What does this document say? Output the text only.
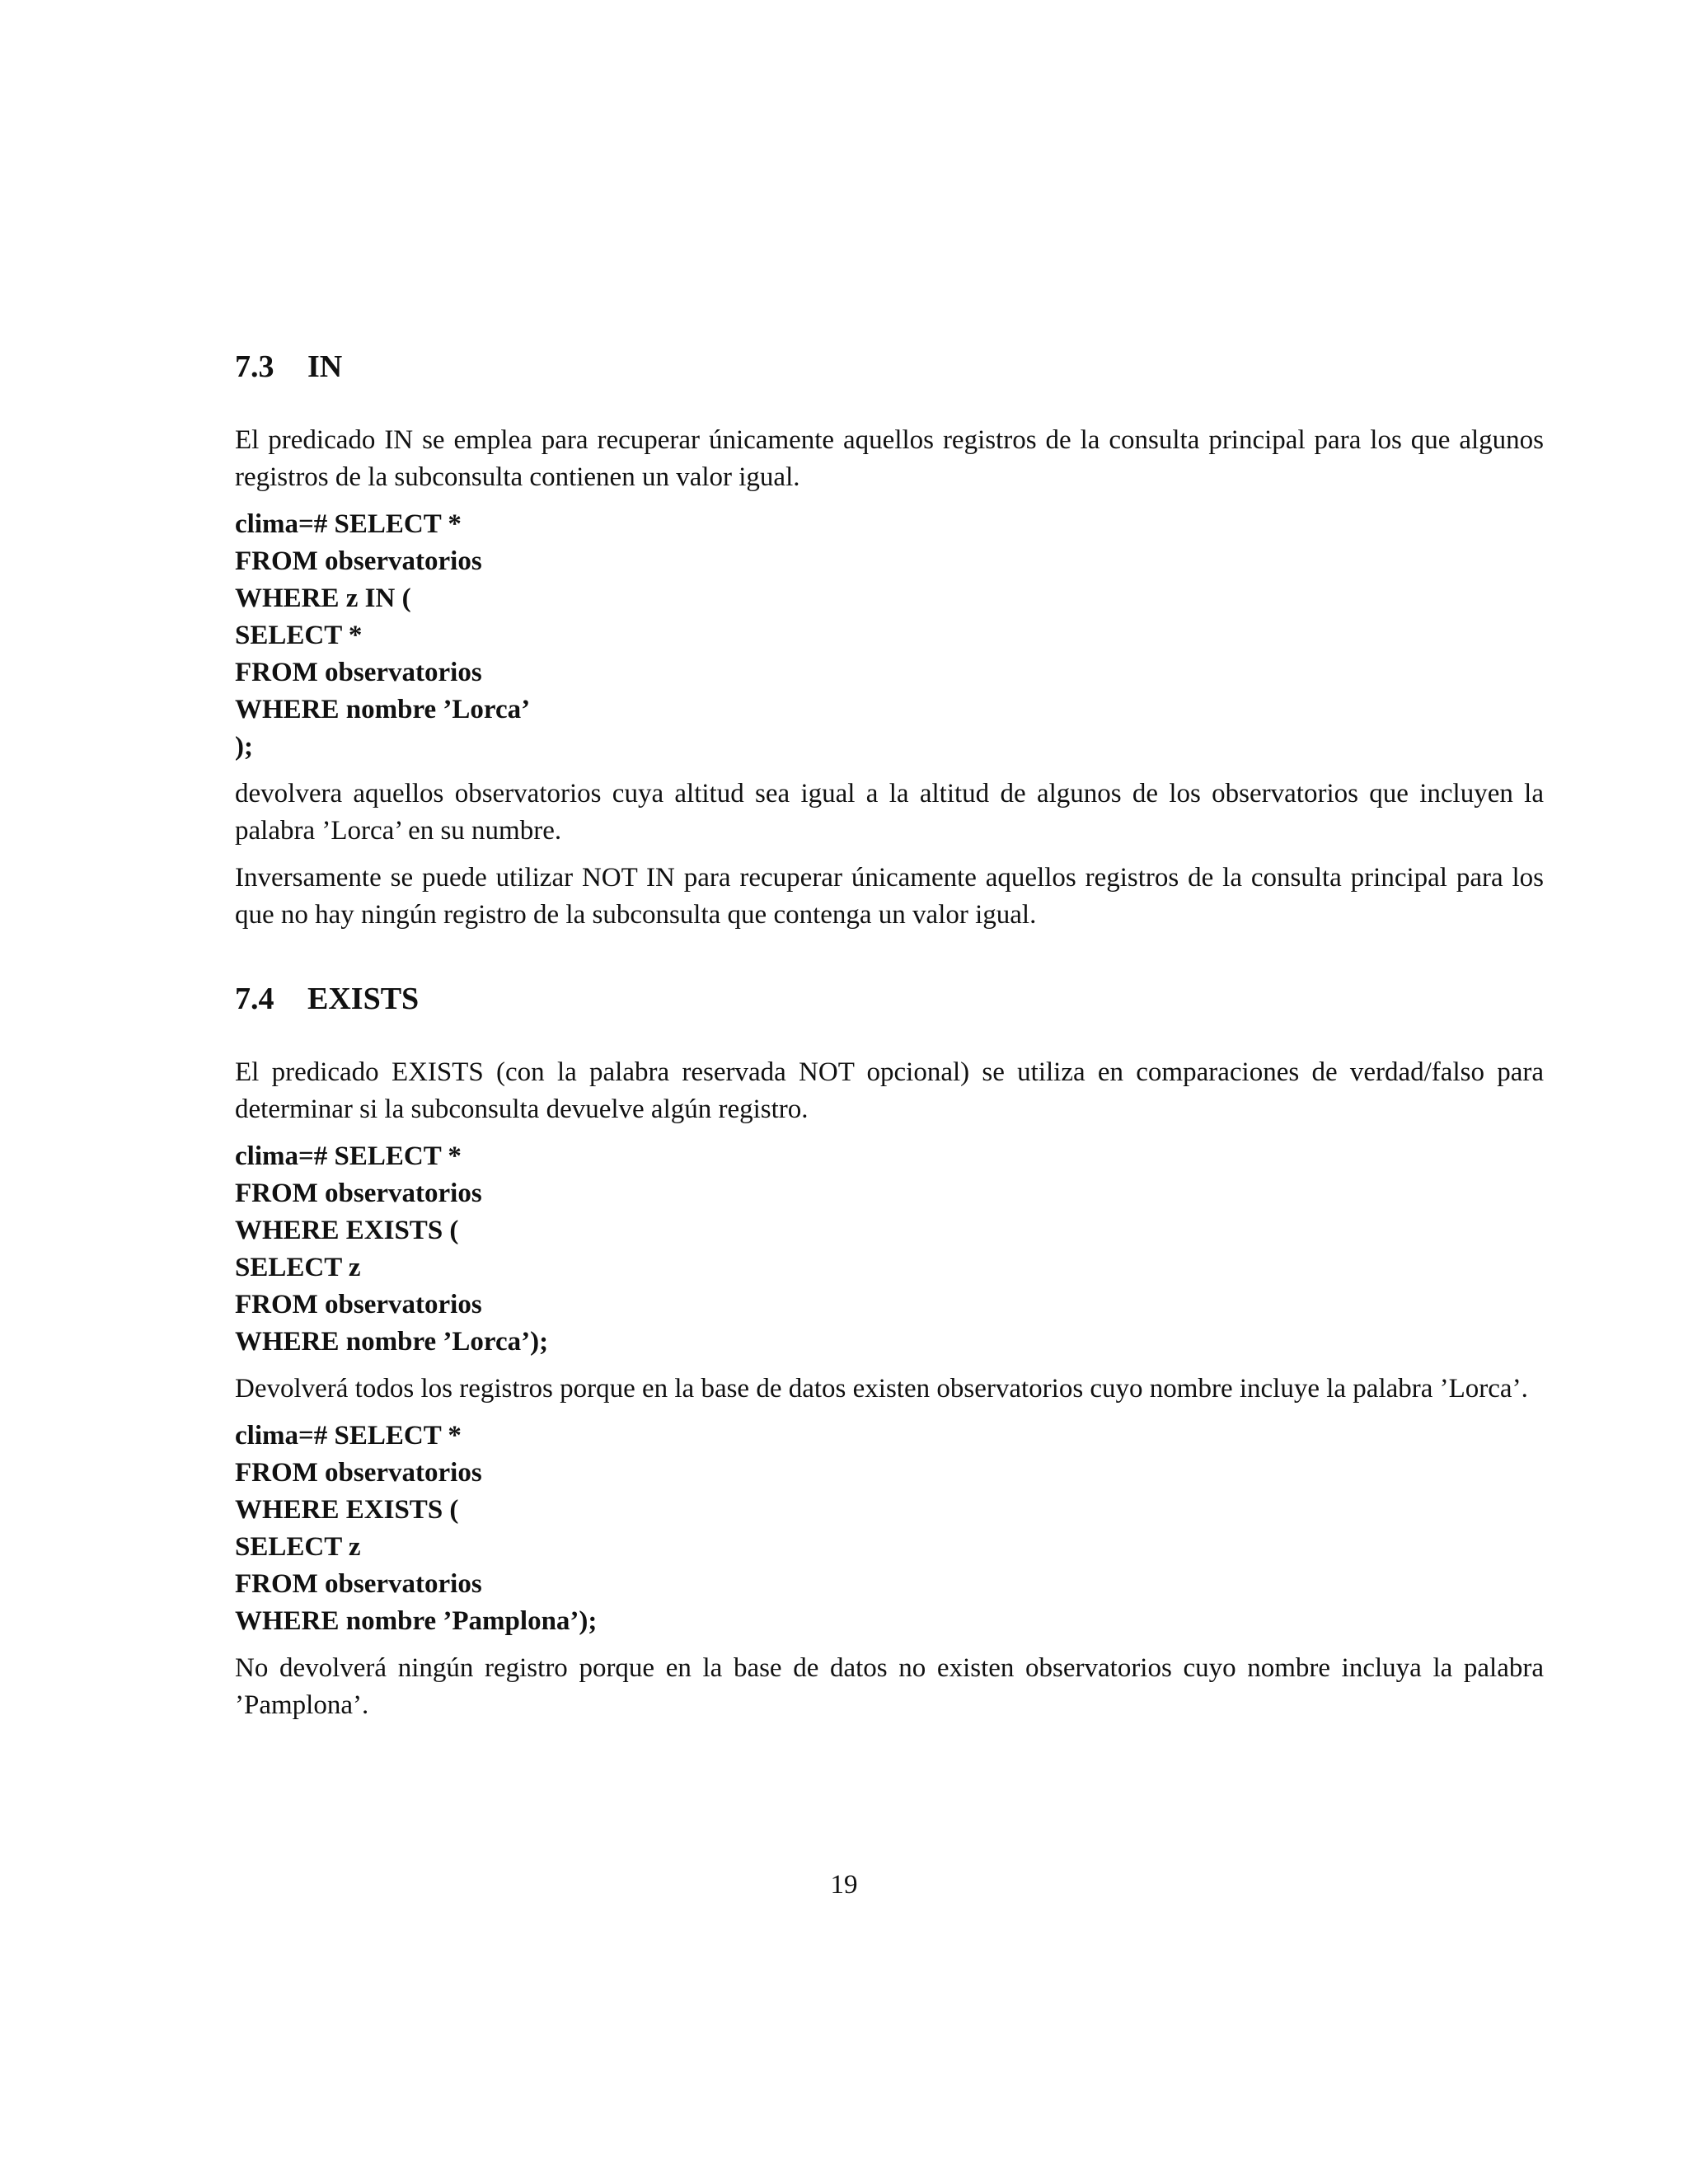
7.3	IN

El predicado IN se emplea para recuperar únicamente aquellos registros de la consulta principal para los que algunos registros de la subconsulta contienen un valor igual.

clima=# SELECT *
FROM observatorios
WHERE z IN (
SELECT *
FROM observatorios
WHERE nombre ’Lorca’
);

devolvera aquellos observatorios cuya altitud sea igual a la altitud de algunos de los observatorios que incluyen la palabra ’Lorca’ en su numbre.

Inversamente se puede utilizar NOT IN para recuperar únicamente aquellos registros de la consulta principal para los que no hay ningún registro de la subconsulta que contenga un valor igual.

7.4	EXISTS

El predicado EXISTS (con la palabra reservada NOT opcional) se utiliza en comparaciones de verdad/falso para determinar si la subconsulta devuelve algún registro.

clima=# SELECT *
FROM observatorios
WHERE EXISTS (
SELECT z
FROM observatorios
WHERE nombre ’Lorca’);

Devolverá todos los registros porque en la base de datos existen observatorios cuyo nombre incluye la palabra ’Lorca’.

clima=# SELECT *
FROM observatorios
WHERE EXISTS (
SELECT z
FROM observatorios
WHERE nombre ’Pamplona’);

No devolverá ningún registro porque en la base de datos no existen observatorios cuyo nombre incluya la palabra ’Pamplona’.

19
